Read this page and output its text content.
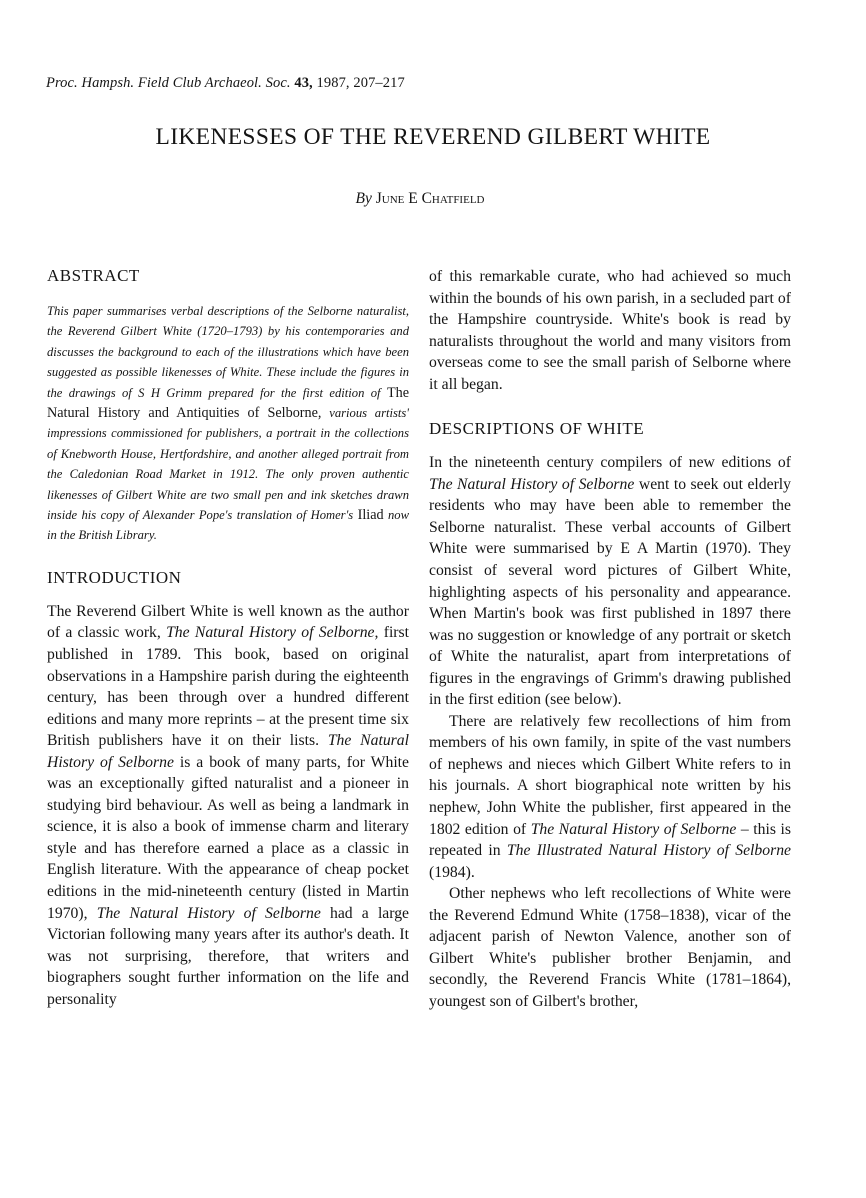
Proc. Hampsh. Field Club Archaeol. Soc. 43, 1987, 207–217
LIKENESSES OF THE REVEREND GILBERT WHITE
By June E Chatfield
ABSTRACT

This paper summarises verbal descriptions of the Selborne naturalist, the Reverend Gilbert White (1720–1793) by his contemporaries and discusses the background to each of the illustrations which have been suggested as possible likenesses of White. These include the figures in the drawings of S H Grimm prepared for the first edition of The Natural History and Antiquities of Selborne, various artists' impressions commissioned for publishers, a portrait in the collections of Knebworth House, Hertfordshire, and another alleged portrait from the Caledonian Road Market in 1912. The only proven authentic likenesses of Gilbert White are two small pen and ink sketches drawn inside his copy of Alexander Pope's translation of Homer's Iliad now in the British Library.

INTRODUCTION

The Reverend Gilbert White is well known as the author of a classic work, The Natural History of Selborne, first published in 1789. This book, based on original observations in a Hampshire parish during the eighteenth century, has been through over a hundred different editions and many more reprints – at the present time six British publishers have it on their lists. The Natural History of Selborne is a book of many parts, for White was an exceptionally gifted naturalist and a pioneer in studying bird behaviour. As well as being a landmark in science, it is also a book of immense charm and literary style and has therefore earned a place as a classic in English literature. With the appearance of cheap pocket editions in the mid-nineteenth century (listed in Martin 1970), The Natural History of Selborne had a large Victorian following many years after its author's death. It was not surprising, therefore, that writers and biographers sought further information on the life and personality

of this remarkable curate, who had achieved so much within the bounds of his own parish, in a secluded part of the Hampshire countryside. White's book is read by naturalists throughout the world and many visitors from overseas come to see the small parish of Selborne where it all began.

DESCRIPTIONS OF WHITE

In the nineteenth century compilers of new editions of The Natural History of Selborne went to seek out elderly residents who may have been able to remember the Selborne naturalist. These verbal accounts of Gilbert White were summarised by E A Martin (1970). They consist of several word pictures of Gilbert White, highlighting aspects of his personality and appearance. When Martin's book was first published in 1897 there was no suggestion or knowledge of any portrait or sketch of White the naturalist, apart from interpretations of figures in the engravings of Grimm's drawing published in the first edition (see below).

There are relatively few recollections of him from members of his own family, in spite of the vast numbers of nephews and nieces which Gilbert White refers to in his journals. A short biographical note written by his nephew, John White the publisher, first appeared in the 1802 edition of The Natural History of Selborne – this is repeated in The Illustrated Natural History of Selborne (1984).

Other nephews who left recollections of White were the Reverend Edmund White (1758–1838), vicar of the adjacent parish of Newton Valence, another son of Gilbert White's publisher brother Benjamin, and secondly, the Reverend Francis White (1781–1864), youngest son of Gilbert's brother,
